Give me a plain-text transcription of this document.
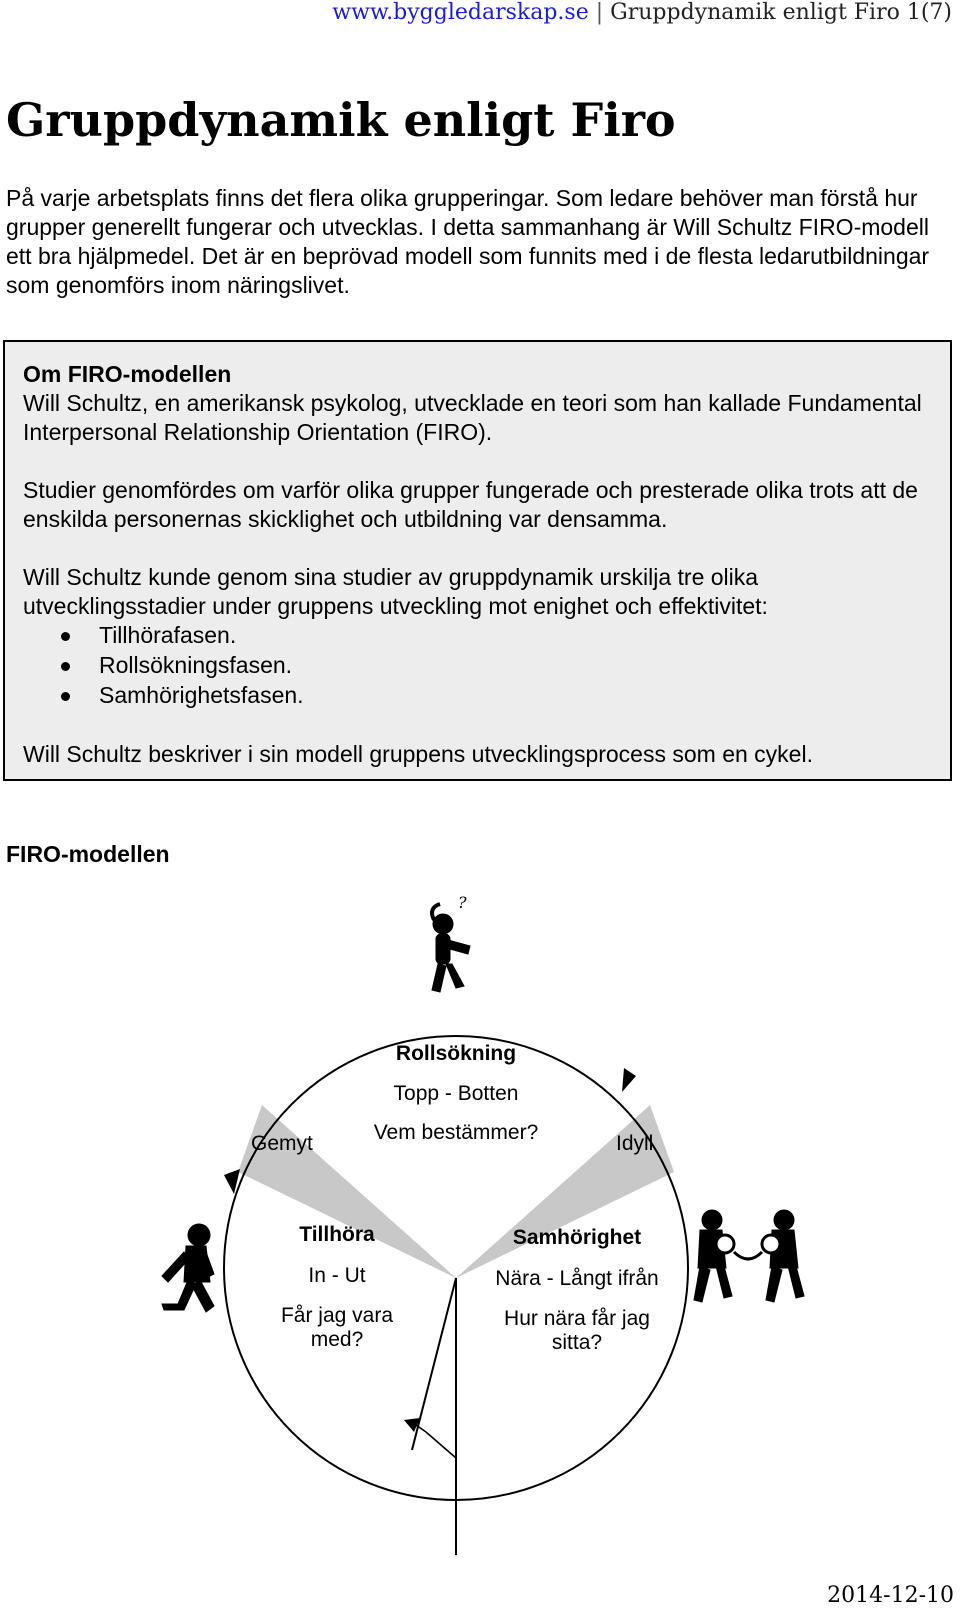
www.byggledarskap.se | Gruppdynamik enligt Firo 1(7)
Gruppdynamik enligt Firo

På varje arbetsplats finns det flera olika grupperingar. Som ledare behöver man förstå hur grupper generellt fungerar och utvecklas. I detta sammanhang är Will Schultz FIRO-modell ett bra hjälpmedel. Det är en beprövad modell som funnits med i de flesta ledarutbildningar som genomförs inom näringslivet.

Om FIRO-modellen

Will Schultz, en amerikansk psykolog, utvecklade en teori som han kallade Fundamental Interpersonal Relationship Orientation (FIRO).

Studier genomfördes om varför olika grupper fungerade och presterade olika trots att de enskilda personernas skicklighet och utbildning var densamma.

Will Schultz kunde genom sina studier av gruppdynamik urskilja tre olika utvecklingsstadier under gruppens utveckling mot enighet och effektivitet:

Tillhörafasen.
Rollsökningsfasen.
Samhörighetsfasen.

Will Schultz beskriver i sin modell gruppens utvecklingsprocess som en cykel.

FIRO-modellen
Rollsökning
Topp - Botten
Vem bestämmer?
Gemyt	Idyll
Tillhöra
In - Ut
Får jag vara
med?
Samhörighet
Nära - Långt ifrån
Hur nära får jag
sitta?
?
2014-12-10
